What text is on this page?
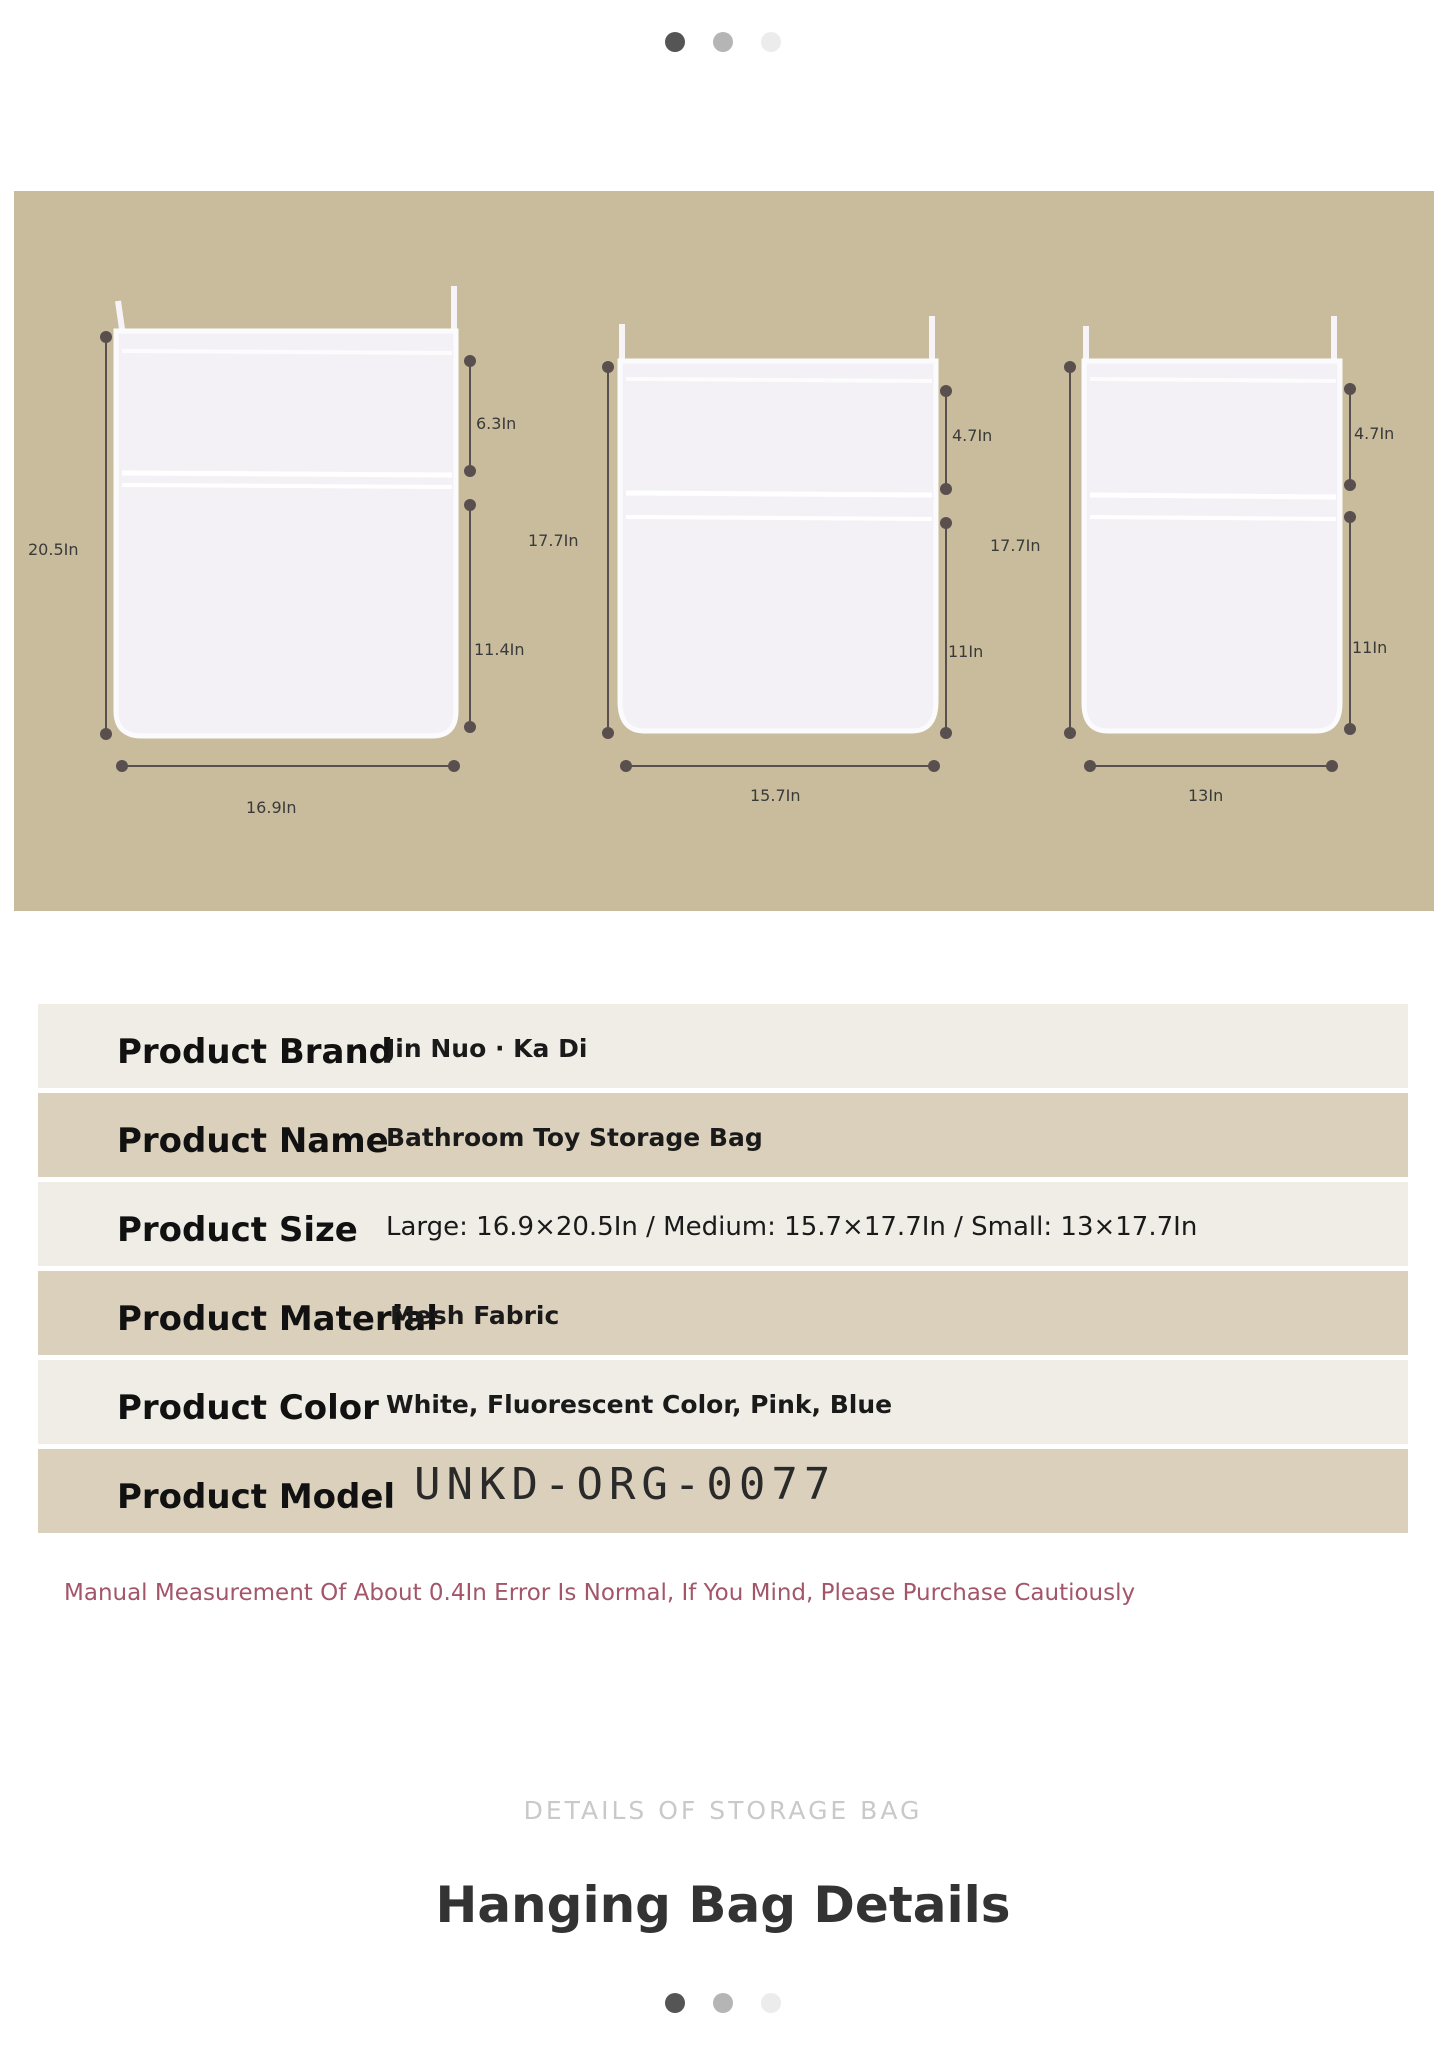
20.5In
6.3In
11.4In
16.9In
17.7In
4.7In
11In
15.7In
17.7In
4.7In
11In
13In
Product Brand
Jin Nuo · Ka Di
Product Name
Bathroom Toy Storage Bag
Product Size Large: 16.9×20.5In / Medium: 15.7×17.7In / Small: 13×17.7In
Product Material
Mesh Fabric
Product Color White, Fluorescent Color, Pink, Blue
UNKD-ORG-0077
Product Model
Manual Measurement Of About 0.4In Error Is Normal, If You Mind, Please Purchase Cautiously
DETAILS OF STORAGE BAG
Hanging Bag Details
